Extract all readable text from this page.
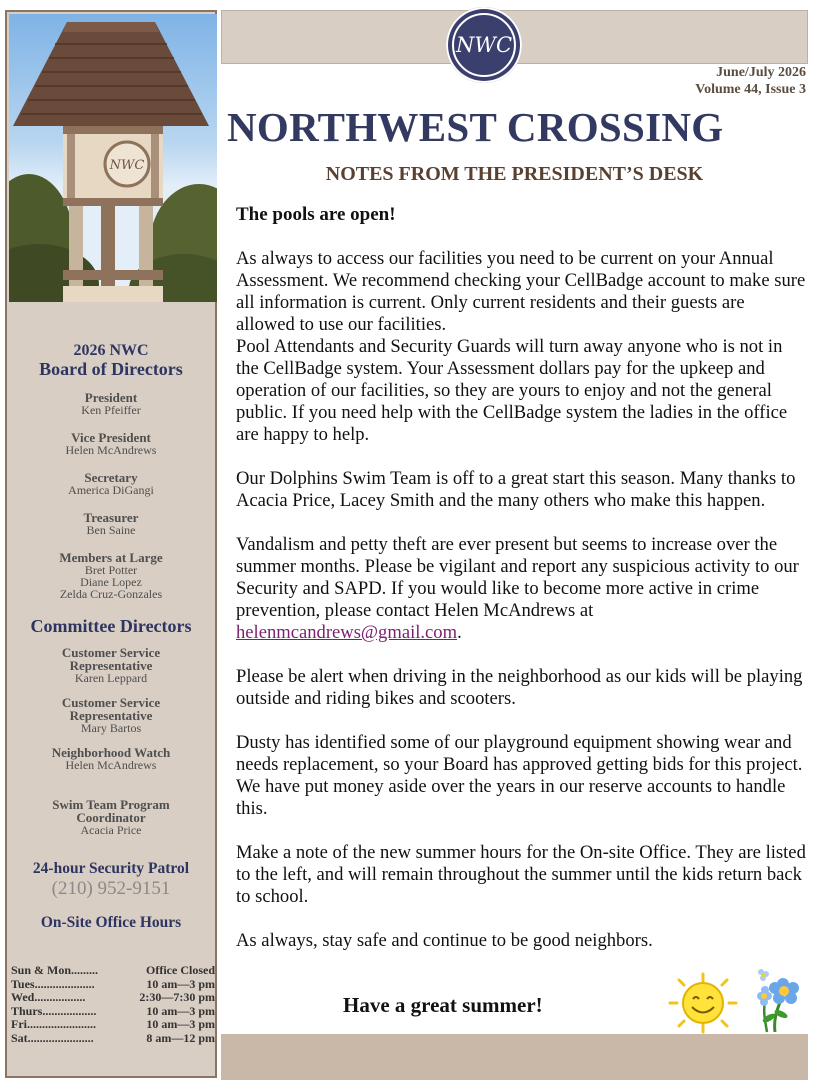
NWC
2026 NWC
Board of Directors
President
Ken Pfeiffer
Vice President
Helen McAndrews
Secretary
America DiGangi
Treasurer
Ben Saine
Members at Large
Bret Potter
Diane Lopez
Zelda Cruz-Gonzales
Committee Directors
Customer Service
Representative
Karen Leppard
Customer Service
Representative
Mary Bartos
Neighborhood Watch
Helen McAndrews
Swim Team Program
Coordinator
Acacia Price
24-hour Security Patrol
(210) 952-9151
On-Site Office Hours
Sun & Mon.........	Office Closed
Tues....................	10 am—3 pm
Wed.................	2:30—7:30 pm
Thurs..................	10 am—3 pm
Fri.......................	10 am—3 pm
Sat......................	8 am—12 pm
NWC
June/July 2026
Volume 44, Issue 3
NORTHWEST CROSSING
NOTES FROM THE PRESIDENT’S DESK

The pools are open!

As always to access our facilities you need to be current on your Annual Assessment. We recommend checking your CellBadge account to make sure all information is current. Only current residents and their guests are allowed to use our facilities.
Pool Attendants and Security Guards will turn away anyone who is not in the CellBadge system. Your Assessment dollars pay for the upkeep and operation of our facilities, so they are yours to enjoy and not the general public. If you need help with the CellBadge system the ladies in the office are happy to help.

Our Dolphins Swim Team is off to a great start this season. Many thanks to Acacia Price, Lacey Smith and the many others who make this happen.

Vandalism and petty theft are ever present but seems to increase over the summer months. Please be vigilant and report any suspicious activity to our Security and SAPD. If you would like to become more active in crime prevention, please contact Helen McAndrews at helenmcandrews@gmail.com.

Please be alert when driving in the neighborhood as our kids will be playing outside and riding bikes and scooters.

Dusty has identified some of our playground equipment showing wear and needs replacement, so your Board has approved getting bids for this project. We have put money aside over the years in our reserve accounts to handle this.

Make a note of the new summer hours for the On-site Office. They are listed to the left, and will remain throughout the summer until the kids return back to school.

As always, stay safe and continue to be good neighbors.

Have a great summer!
